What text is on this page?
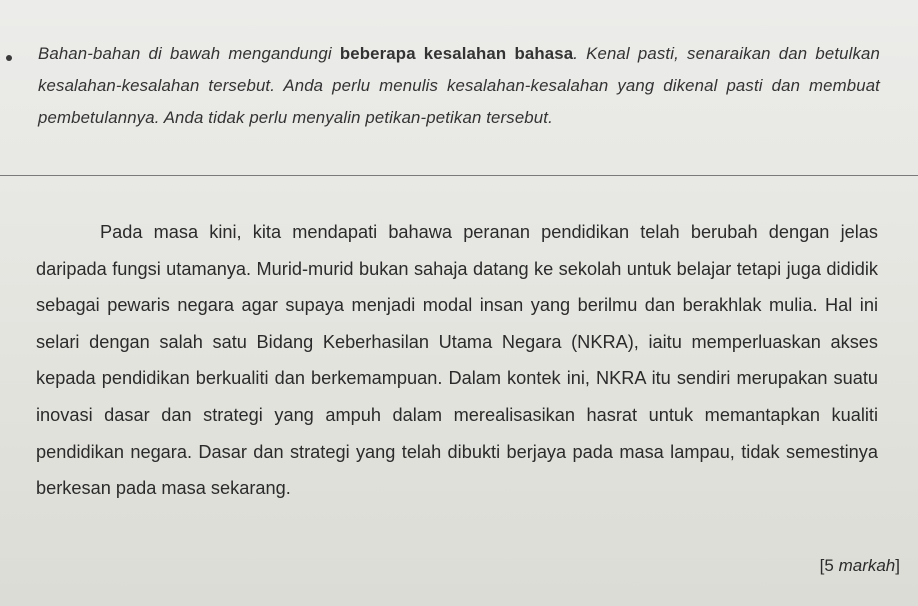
Bahan-bahan di bawah mengandungi beberapa kesalahan bahasa. Kenal pasti, senaraikan dan betulkan kesalahan-kesalahan tersebut. Anda perlu menulis kesalahan-kesalahan yang dikenal pasti dan membuat pembetulannya. Anda tidak perlu menyalin petikan-petikan tersebut.
Pada masa kini, kita mendapati bahawa peranan pendidikan telah berubah dengan jelas daripada fungsi utamanya. Murid-murid bukan sahaja datang ke sekolah untuk belajar tetapi juga dididik sebagai pewaris negara agar supaya menjadi modal insan yang berilmu dan berakhlak mulia. Hal ini selari dengan salah satu Bidang Keberhasilan Utama Negara (NKRA), iaitu memperluaskan akses kepada pendidikan berkualiti dan berkemampuan. Dalam kontek ini, NKRA itu sendiri merupakan suatu inovasi dasar dan strategi yang ampuh dalam merealisasikan hasrat untuk memantapkan kualiti pendidikan negara. Dasar dan strategi yang telah dibukti berjaya pada masa lampau, tidak semestinya berkesan pada masa sekarang.
[5 markah]
